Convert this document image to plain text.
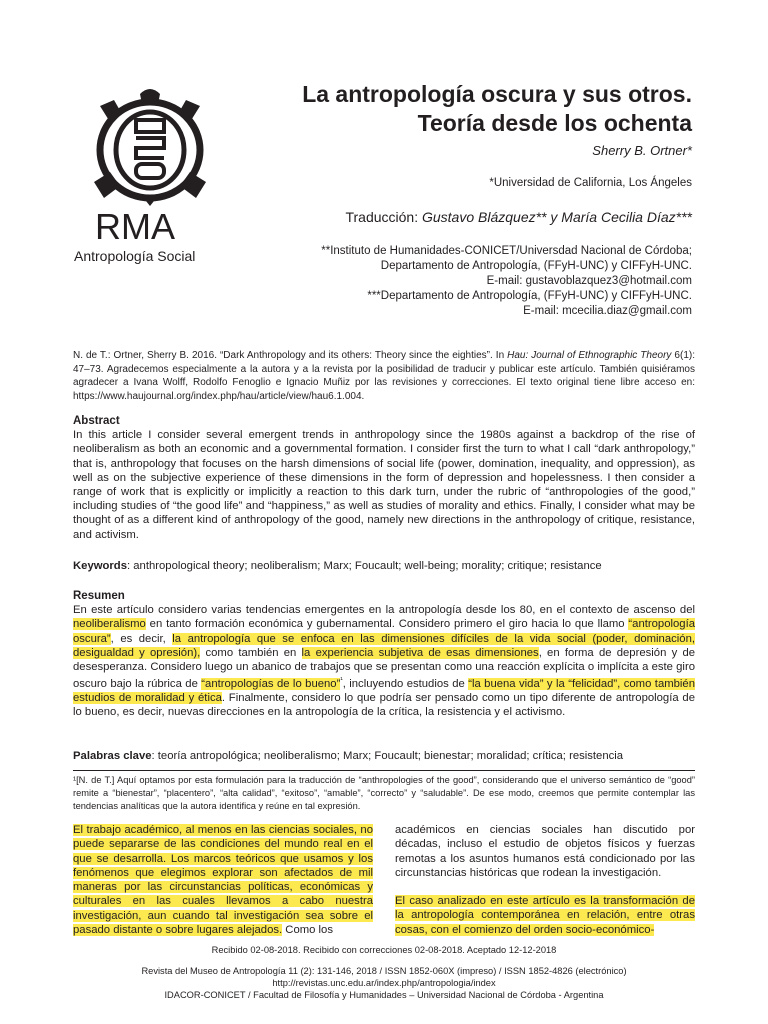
RMA
Antropología Social
La antropología oscura y sus otros. Teoría desde los ochenta
Sherry B. Ortner*
*Universidad de California, Los Ángeles
Traducción: Gustavo Blázquez** y María Cecilia Díaz***
**Instituto de Humanidades-CONICET/Universdad Nacional de Córdoba;
Departamento de Antropología, (FFyH-UNC) y CIFFyH-UNC.
E-mail: gustavoblazquez3@hotmail.com
***Departamento de Antropología, (FFyH-UNC) y CIFFyH-UNC.
E-mail: mcecilia.diaz@gmail.com
N. de T.: Ortner, Sherry B. 2016. “Dark Anthropology and its others: Theory since the eighties”. In Hau: Journal of Ethnographic Theory 6(1): 47–73. Agradecemos especialmente a la autora y a la revista por la posibilidad de traducir y publicar este artículo. También quisiéramos agradecer a Ivana Wolff, Rodolfo Fenoglio e Ignacio Muñiz por las revisiones y correcciones. El texto original tiene libre acceso en: https://www.haujournal.org/index.php/hau/article/view/hau6.1.004.
Abstract
In this article I consider several emergent trends in anthropology since the 1980s against a backdrop of the rise of neoliberalism as both an economic and a governmental formation. I consider first the turn to what I call “dark anthropology,” that is, anthropology that focuses on the harsh dimensions of social life (power, domination, inequality, and oppression), as well as on the subjective experience of these dimensions in the form of depression and hopelessness. I then consider a range of work that is explicitly or implicitly a reaction to this dark turn, under the rubric of “anthropologies of the good,” including studies of “the good life” and “happiness,” as well as studies of morality and ethics. Finally, I consider what may be thought of as a different kind of anthropology of the good, namely new directions in the anthropology of critique, resistance, and activism.
Keywords: anthropological theory; neoliberalism; Marx; Foucault; well-being; morality; critique; resistance
Resumen
En este artículo considero varias tendencias emergentes en la antropología desde los 80, en el contexto de ascenso del neoliberalismo en tanto formación económica y gubernamental. Considero primero el giro hacia lo que llamo “antropología oscura”, es decir, la antropología que se enfoca en las dimensiones difíciles de la vida social (poder, dominación, desigualdad y opresión), como también en la experiencia subjetiva de esas dimensiones, en forma de depresión y de desesperanza. Considero luego un abanico de trabajos que se presentan como una reacción explícita o implícita a este giro oscuro bajo la rúbrica de “antropologías de lo bueno”$^{^1}$, incluyendo estudios de “la buena vida” y la “felicidad”, como también estudios de moralidad y ética. Finalmente, considero lo que podría ser pensado como un tipo diferente de antropología de lo bueno, es decir, nuevas direcciones en la antropología de la crítica, la resistencia y el activismo.
Palabras clave: teoría antropológica; neoliberalismo; Marx; Foucault; bienestar; moralidad; crítica; resistencia
¹[N. de T.] Aquí optamos por esta formulación para la traducción de “anthropologies of the good”, considerando que el universo semántico de “good” remite a “bienestar”, “placentero”, “alta calidad”, “exitoso”, “amable”, “correcto” y “saludable”. De ese modo, creemos que permite contemplar las tendencias analíticas que la autora identifica y reúne en tal expresión.
El trabajo académico, al menos en las ciencias sociales, no puede separarse de las condiciones del mundo real en el que se desarrolla. Los marcos teóricos que usamos y los fenómenos que elegimos explorar son afectados de mil maneras por las circunstancias políticas, económicas y culturales en las cuales llevamos a cabo nuestra investigación, aun cuando tal investigación sea sobre el pasado distante o sobre lugares alejados. Como los

académicos en ciencias sociales han discutido por décadas, incluso el estudio de objetos físicos y fuerzas remotas a los asuntos humanos está condicionado por las circunstancias históricas que rodean la investigación.

El caso analizado en este artículo es la transformación de la antropología contemporánea en relación, entre otras cosas, con el comienzo del orden socio-económico-

Recibido 02-08-2018. Recibido con correcciones 02-08-2018. Aceptado 12-12-2018
Revista del Museo de Antropología 11 (2): 131-146, 2018 / ISSN 1852-060X (impreso) / ISSN 1852-4826 (electrónico)
http://revistas.unc.edu.ar/index.php/antropologia/index
IDACOR-CONICET / Facultad de Filosofía y Humanidades – Universidad Nacional de Córdoba - Argentina
